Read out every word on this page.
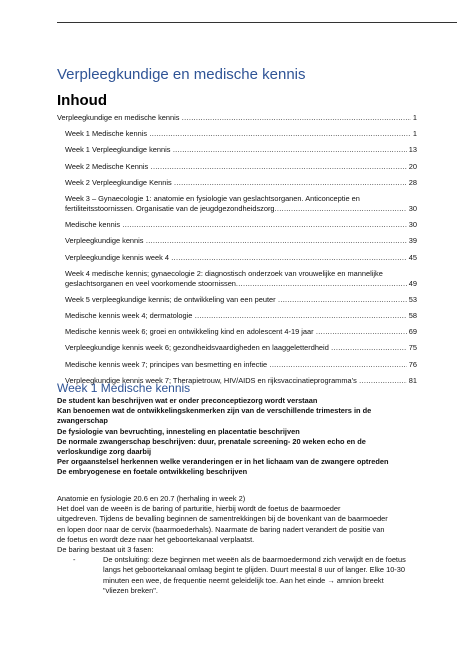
Verpleegkundige en medische kennis
Inhoud
Verpleegkundige en medische kennis .....	1
Week 1 Medische kennis .....	1
Week 1 Verpleegkundige kennis .....	13
Week 2 Medische Kennis .....	20
Week 2 Verpleegkundige Kennis .....	28
Week 3 – Gynaecologie 1: anatomie en fysiologie van geslachtsorganen. Anticonceptie en
fertiliteitsstoornissen. Organisatie van de jeugdgezondheidszorg .....	30
Medische kennis .....	30
Verpleegkundige kennis .....	39
Verpleegkundige kennis week 4 .....	45
Week 4 medische kennis; gynaecologie 2: diagnostisch onderzoek van vrouwelijke en mannelijke
geslachtsorganen en veel voorkomende stoornissen .....	49
Week 5 verpleegkundige kennis; de ontwikkeling van een peuter .....	53
Medische kennis week 4; dermatologie .....	58
Medische kennis week 6; groei en ontwikkeling kind en adolescent 4-19 jaar .....	69
Verpleegkundige kennis week 6; gezondheidsvaardigheden en laaggeletterdheid .....	75
Medische kennis week 7; principes van besmetting en infectie .....	76
Verpleegkundige kennis week 7; Therapietrouw, HIV/AIDS en rijksvaccinatieprogramma’s .....	81
Week 1 Medische kennis
De student kan beschrijven wat er onder preconceptiezorg wordt verstaan
Kan benoemen wat de ontwikkelingskenmerken zijn van de verschillende trimesters in de
zwangerschap
De fysiologie van bevruchting, innesteling en placentatie beschrijven
De normale zwangerschap beschrijven: duur, prenatale screening- 20 weken echo en de
verloskundige zorg daarbij
Per orgaanstelsel herkennen welke veranderingen er in het lichaam van de zwangere optreden
De embryogenese en foetale ontwikkeling beschrijven

Anatomie en fysiologie 20.6 en 20.7 (herhaling in week 2)

Het doel van de weeën is de baring of parturitie, hierbij wordt de foetus de baarmoeder
uitgedreven. Tijdens de bevalling beginnen de samentrekkingen bij de bovenkant van de baarmoeder
en lopen door naar de cervix (baarmoederhals). Naarmate de baring nadert verandert de positie van
de foetus en wordt deze naar het geboortekanaal verplaatst.
De baring bestaat uit 3 fasen:
-	De ontsluiting: deze beginnen met weeën als de baarmoedermond zich verwijdt en de foetus
langs het geboortekanaal omlaag begint te glijden. Duurt meestal 8 uur of langer. Elke 10-30
minuten een wee, de frequentie neemt geleidelijk toe. Aan het einde → amnion breekt
"vliezen breken".
